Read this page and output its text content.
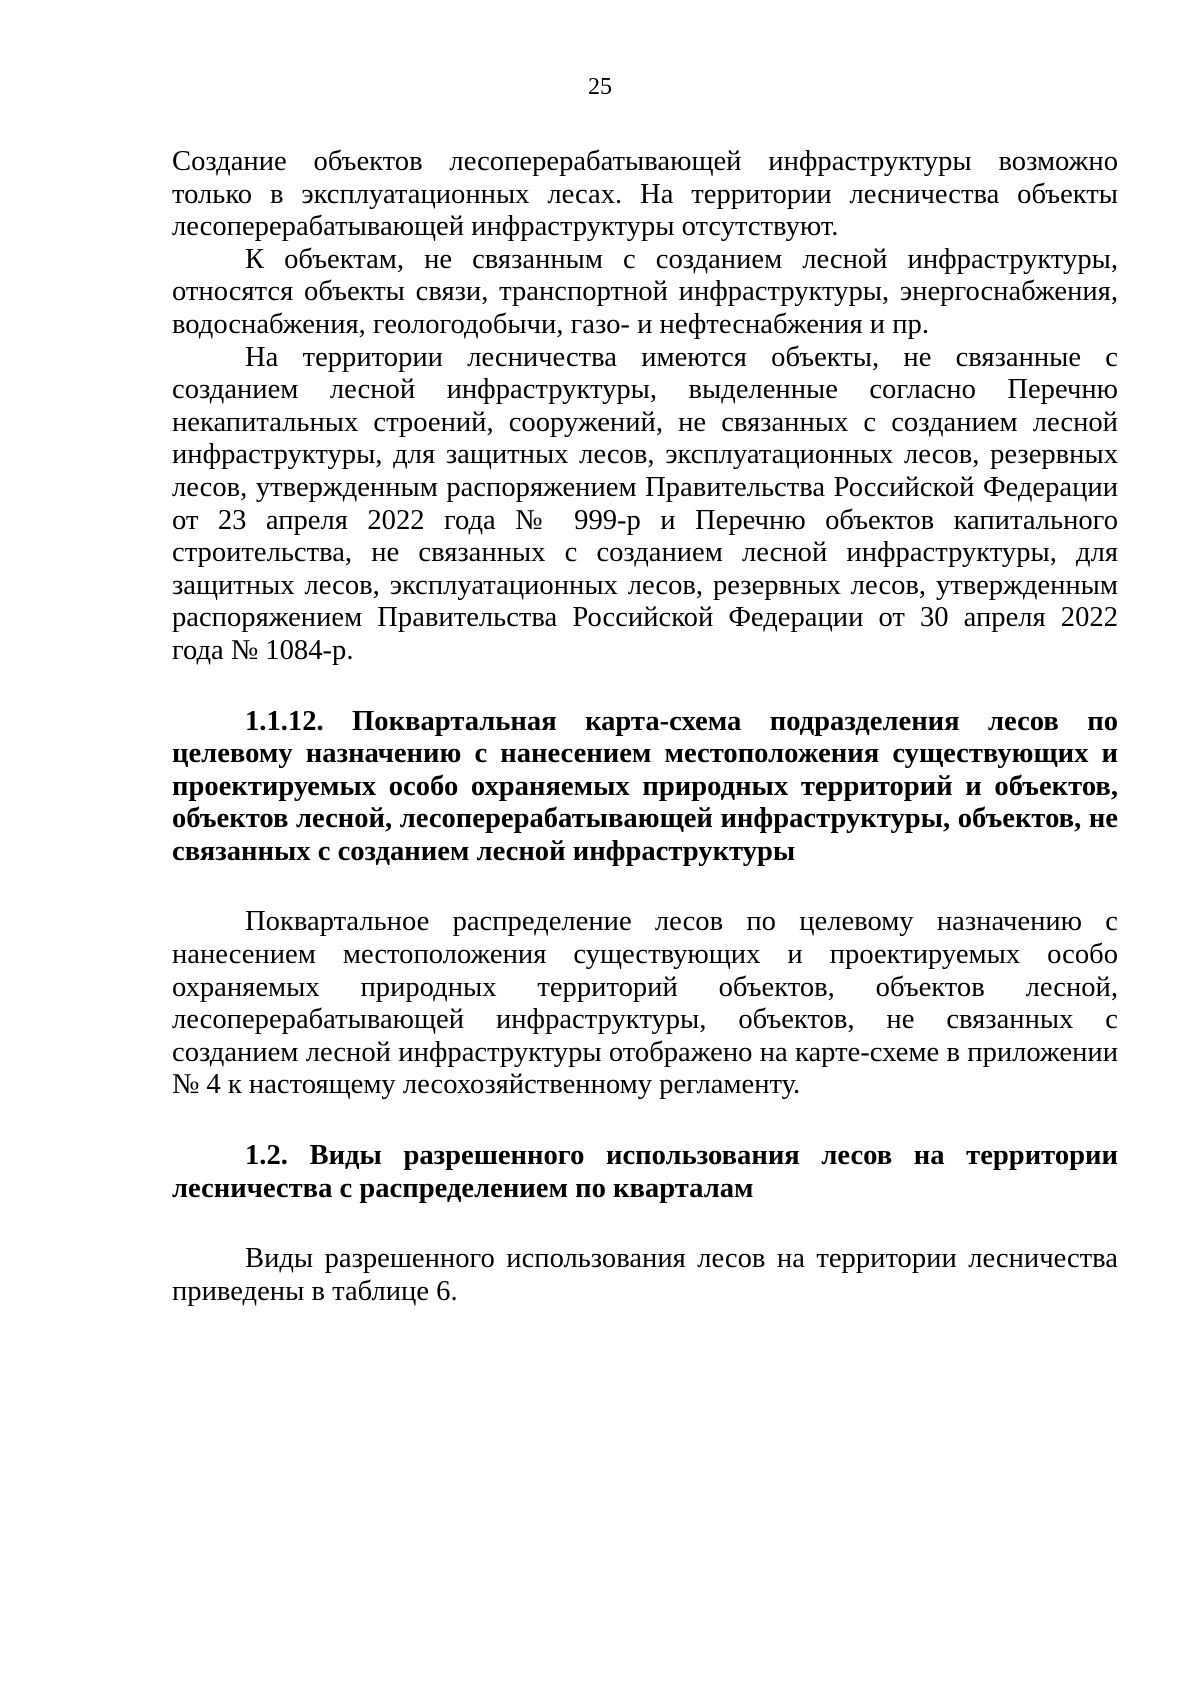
25

Создание объектов лесоперерабатывающей инфраструктуры возможно только в эксплуатационных лесах. На территории лесничества объекты лесоперерабатывающей инфраструктуры отсутствуют.

К объектам, не связанным с созданием лесной инфраструктуры, относятся объекты связи, транспортной инфраструктуры, энергоснабжения, водоснабжения, геологодобычи, газо- и нефтеснабжения и пр.

На территории лесничества имеются объекты, не связанные с созданием лесной инфраструктуры, выделенные согласно Перечню некапитальных строений, сооружений, не связанных с созданием лесной инфраструктуры, для защитных лесов, эксплуатационных лесов, резервных лесов, утвержденным распоряжением Правительства Российской Федерации от 23 апреля 2022 года № 999-р и Перечню объектов капитального строительства, не связанных с созданием лесной инфраструктуры, для защитных лесов, эксплуатационных лесов, резервных лесов, утвержденным распоряжением Правительства Российской Федерации от 30 апреля 2022 года № 1084-р.

1.1.12. Поквартальная карта-схема подразделения лесов по целевому назначению с нанесением местоположения существующих и проектируемых особо охраняемых природных территорий и объектов, объектов лесной, лесоперерабатывающей инфраструктуры, объектов, не связанных с созданием лесной инфраструктуры

Поквартальное распределение лесов по целевому назначению с нанесением местоположения существующих и проектируемых особо охраняемых природных территорий объектов, объектов лесной, лесоперерабатывающей инфраструктуры, объектов, не связанных с созданием лесной инфраструктуры отображено на карте-схеме в приложении № 4 к настоящему лесохозяйственному регламенту.

1.2. Виды разрешенного использования лесов на территории лесничества с распределением по кварталам

Виды разрешенного использования лесов на территории лесничества приведены в таблице 6.
